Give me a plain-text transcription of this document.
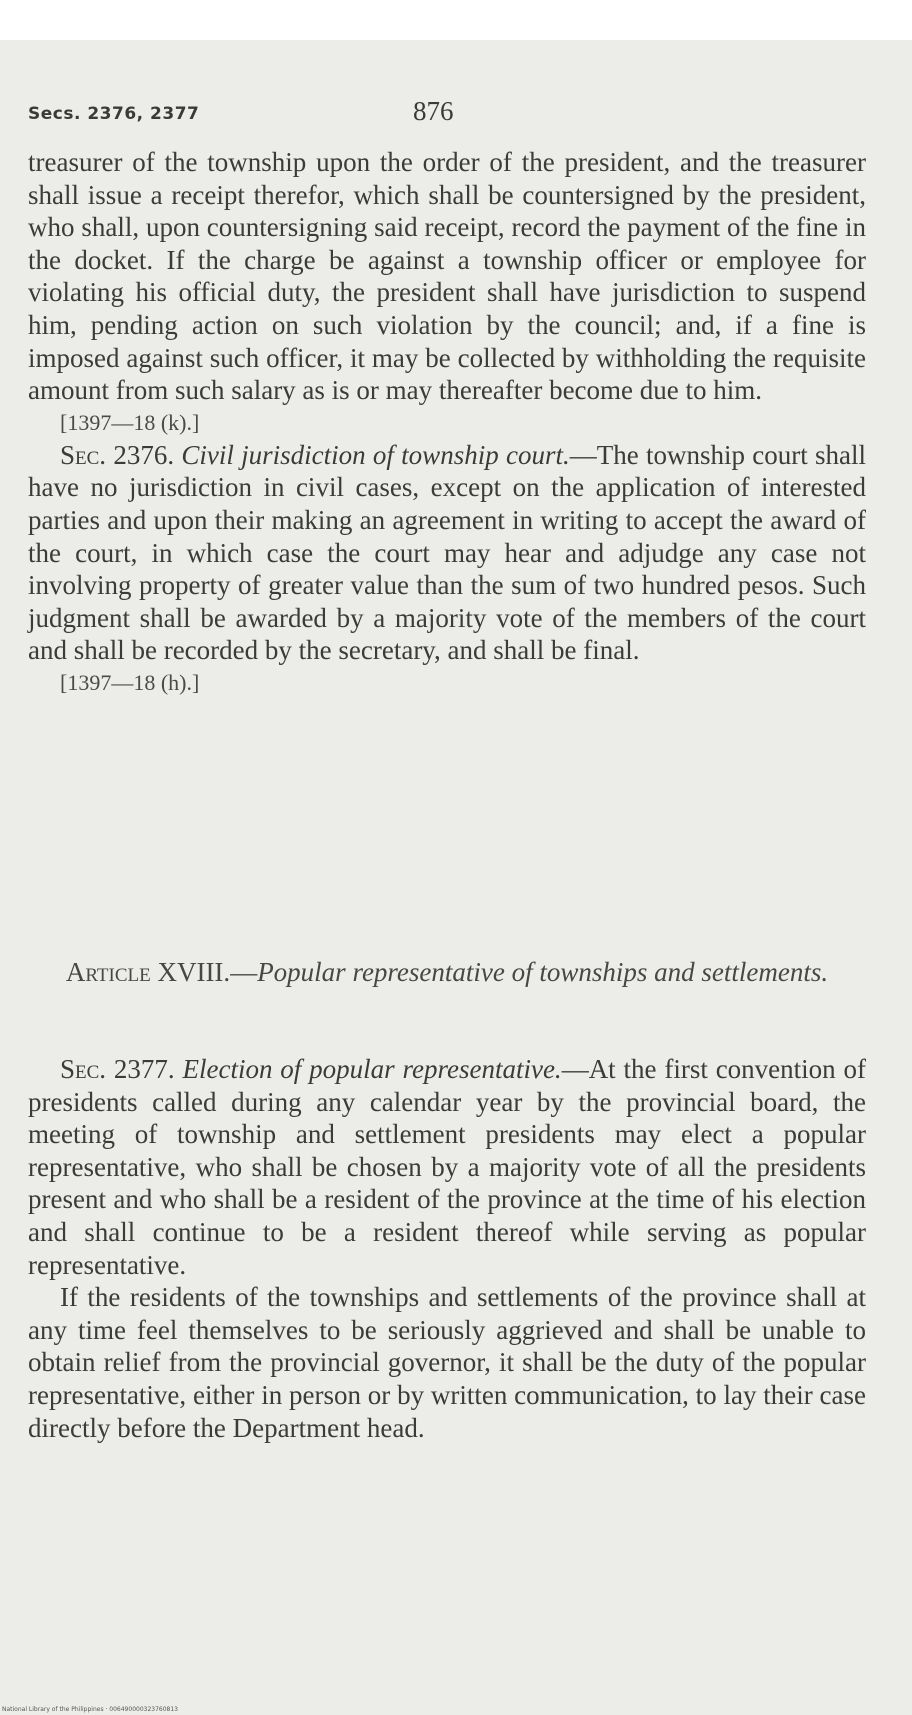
Secs. 2376, 2377	876

treasurer of the township upon the order of the president, and the treasurer shall issue a receipt therefor, which shall be countersigned by the president, who shall, upon countersigning said receipt, record the payment of the fine in the docket. If the charge be against a township officer or employee for violating his official duty, the president shall have jurisdiction to suspend him, pending action on such violation by the council; and, if a fine is imposed against such officer, it may be collected by withholding the requisite amount from such salary as is or may thereafter become due to him.

[1397—18 (k).]

Sec. 2376. Civil jurisdiction of township court.—The township court shall have no jurisdiction in civil cases, except on the application of interested parties and upon their making an agreement in writing to accept the award of the court, in which case the court may hear and adjudge any case not involving property of greater value than the sum of two hundred pesos. Such judgment shall be awarded by a majority vote of the members of the court and shall be recorded by the secretary, and shall be final.

[1397—18 (h).]

Article XVIII.—Popular representative of townships and settlements.

Sec. 2377. Election of popular representative.—At the first convention of presidents called during any calendar year by the provincial board, the meeting of township and settlement presidents may elect a popular representative, who shall be chosen by a majority vote of all the presidents present and who shall be a resident of the province at the time of his election and shall continue to be a resident thereof while serving as popular representative.

If the residents of the townships and settlements of the province shall at any time feel themselves to be seriously aggrieved and shall be unable to obtain relief from the provincial governor, it shall be the duty of the popular representative, either in person or by written communication, to lay their case directly before the Department head.

National Library of the Philippines · 006490000323760813
